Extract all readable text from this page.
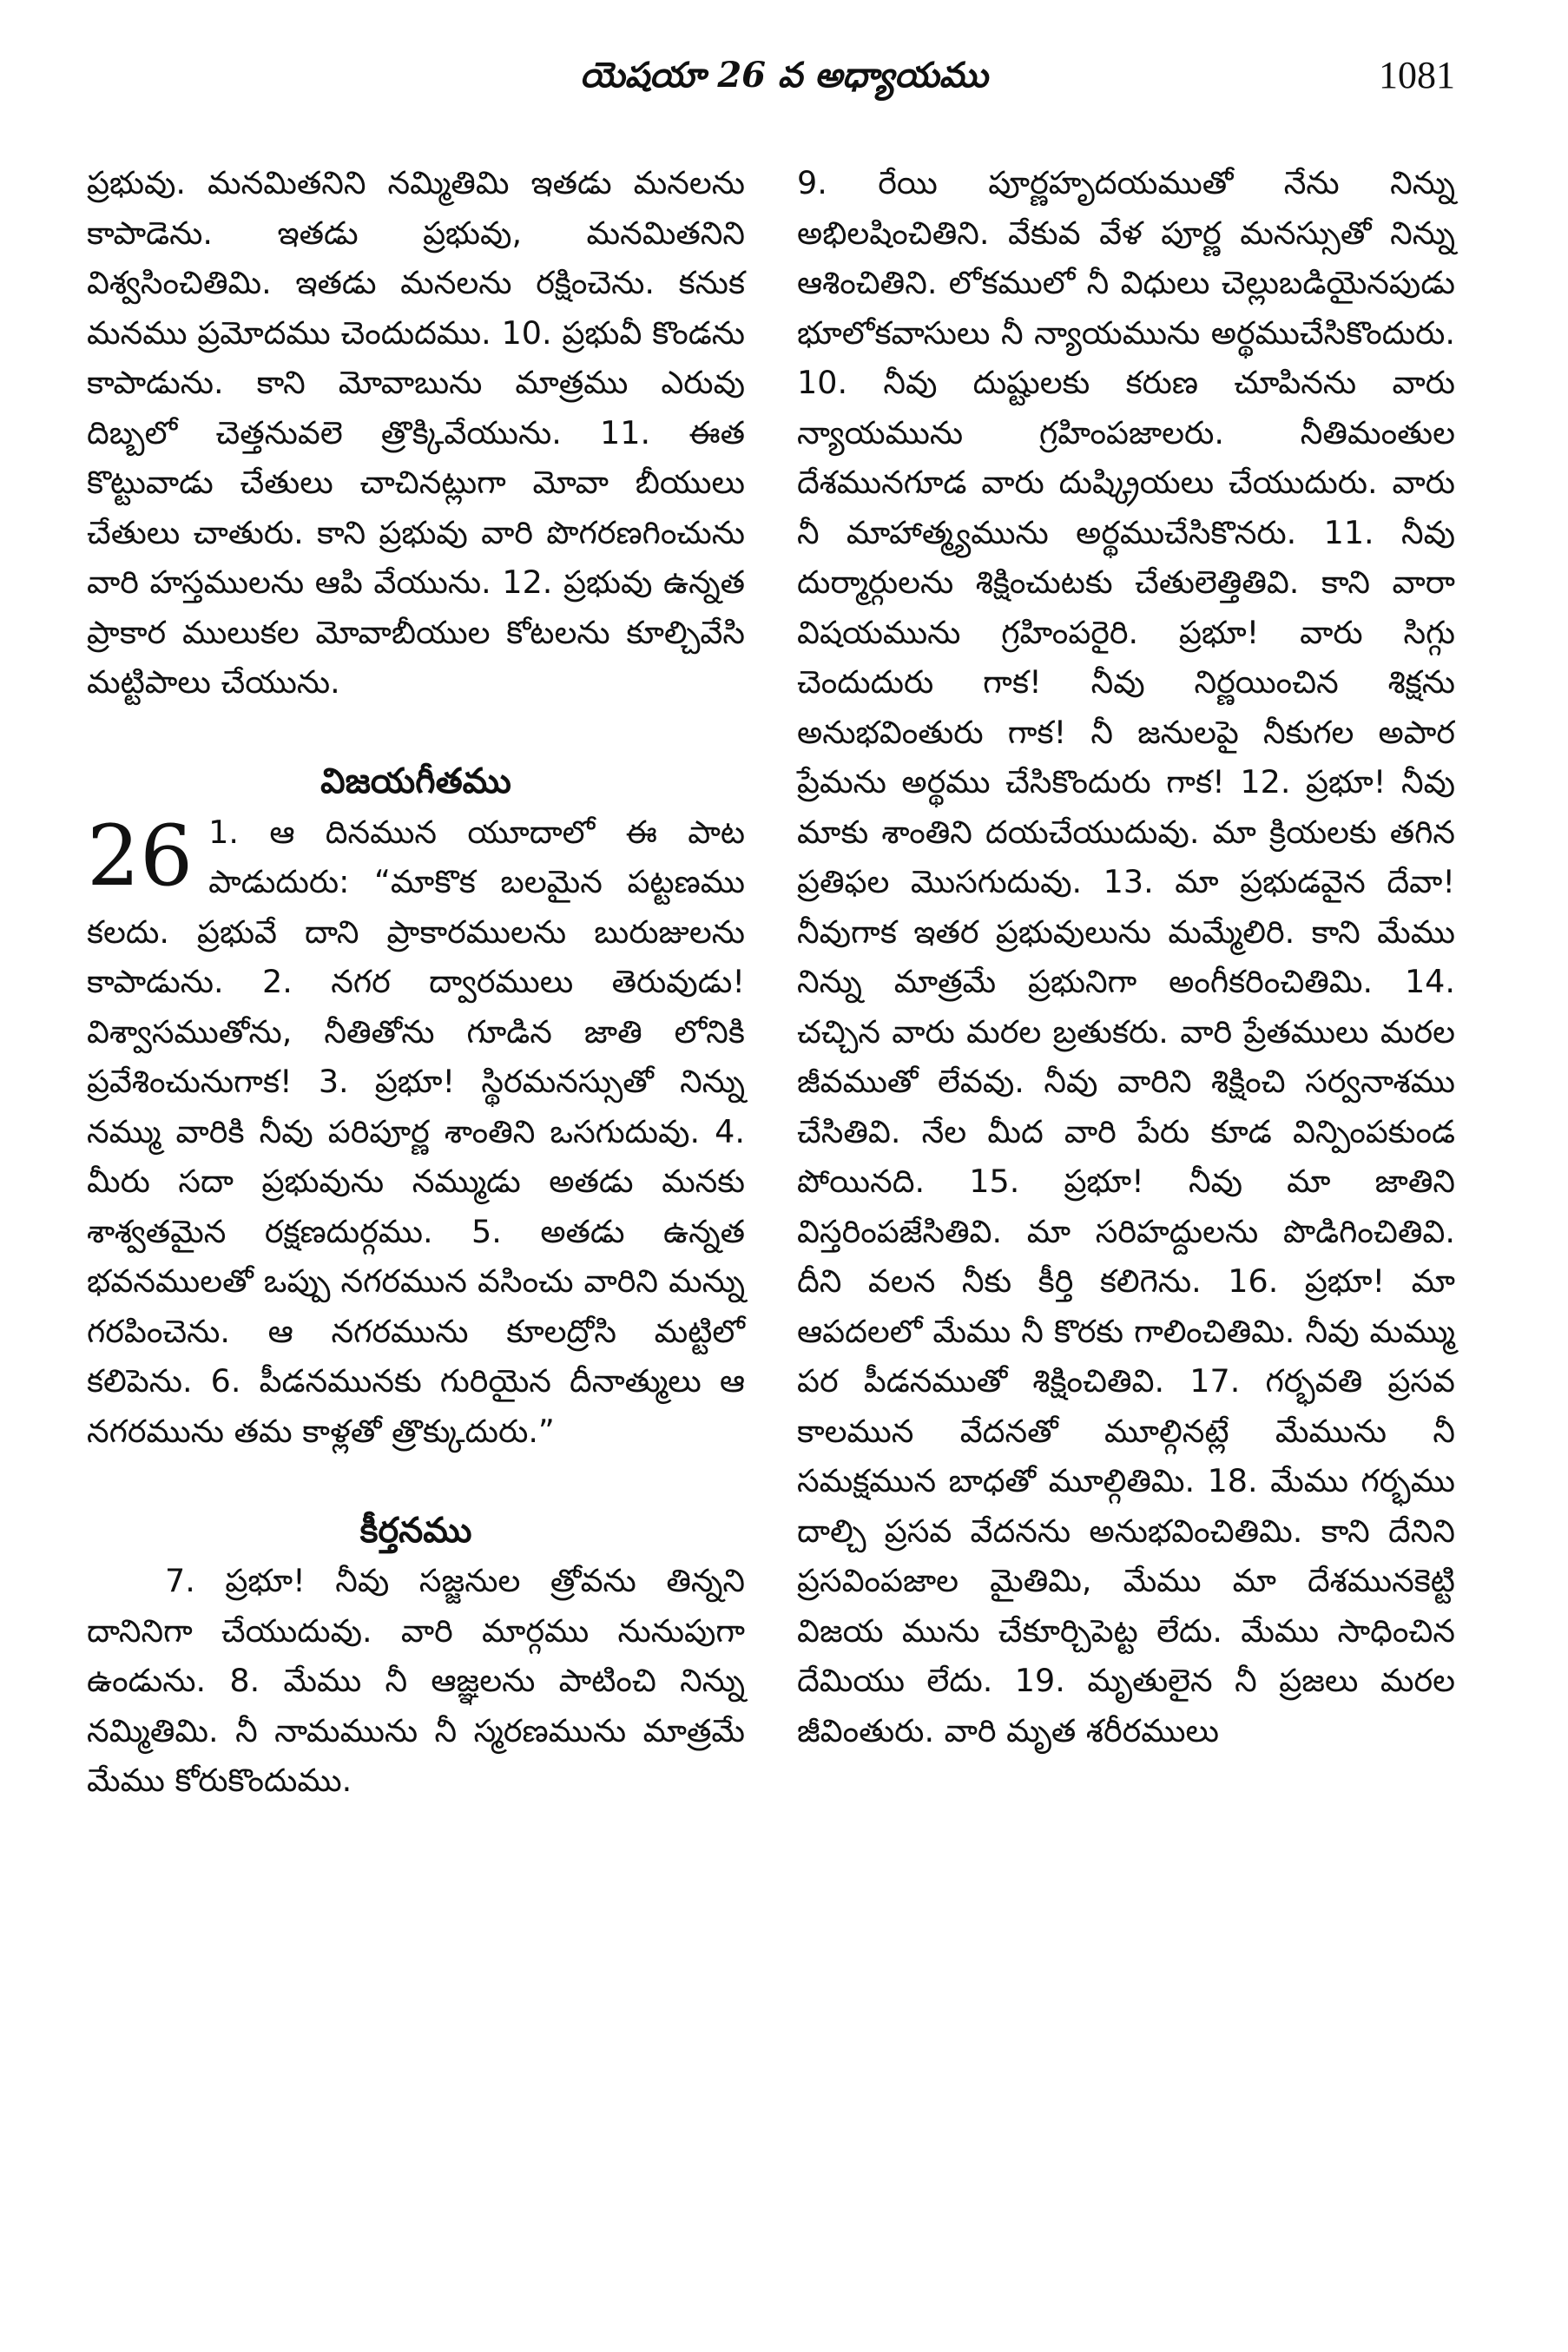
యెషయా 26 వ అధ్యాయము	1081

ప్రభువు. మనమితనిని నమ్మితిమి ఇతడు మనలను కాపాడెను. ఇతడు ప్రభువు, మనమితనిని విశ్వసించితిమి. ఇతడు మనలను రక్షించెను. కనుక మనము ప్రమోదము చెందుదము. 10. ప్రభువీ కొండను కాపాడును. కాని మోవాబును మాత్రము ఎరువు దిబ్బలో చెత్తనువలె త్రొక్కివేయును. 11. ఈత కొట్టువాడు చేతులు చాచినట్లుగా మోవా బీయులు చేతులు చాతురు. కాని ప్రభువు వారి పొగరణగించును వారి హస్తములను ఆపి వేయును. 12. ప్రభువు ఉన్నత ప్రాకార ములుకల మోవాబీయుల కోటలను కూల్చివేసి మట్టిపాలు చేయును.

విజయగీతము
26 1. ఆ దినమున యూదాలో ఈ పాట పాడుదురు: “మాకొక బలమైన పట్టణము కలదు. ప్రభువే దాని ప్రాకారములను బురుజులను కాపాడును. 2. నగర ద్వారములు తెరువుడు! విశ్వాసముతోను, నీతితోను గూడిన జాతి లోనికి ప్రవేశించునుగాక! 3. ప్రభూ! స్థిరమనస్సుతో నిన్ను నమ్ము వారికి నీవు పరిపూర్ణ శాంతిని ఒసగుదువు. 4. మీరు సదా ప్రభువును నమ్ముడు అతడు మనకు శాశ్వతమైన రక్షణదుర్గము. 5. అతడు ఉన్నత భవనములతో ఒప్పు నగరమున వసించు వారిని మన్ను గరపించెను. ఆ నగరమును కూలద్రోసి మట్టిలో కలిపెను. 6. పీడనమునకు గురియైన దీనాత్ములు ఆ నగరమును తమ కాళ్లతో త్రొక్కుదురు.”

కీర్తనము

7. ప్రభూ! నీవు సజ్జనుల త్రోవను తిన్నని దానినిగా చేయుదువు. వారి మార్గము నునుపుగా ఉండును. 8. మేము నీ ఆజ్ఞలను పాటించి నిన్ను నమ్మితిమి. నీ నామమును నీ స్మరణమును మాత్రమే మేము కోరుకొందుము.

9. రేయి పూర్ణహృదయముతో నేను నిన్ను అభిలషించితిని. వేకువ వేళ పూర్ణ మనస్సుతో నిన్ను ఆశించితిని. లోకములో నీ విధులు చెల్లుబడియైనపుడు భూలోకవాసులు నీ న్యాయమును అర్థముచేసికొందురు. 10. నీవు దుష్టులకు కరుణ చూపినను వారు న్యాయమును గ్రహింపజాలరు. నీతిమంతుల దేశమునగూడ వారు దుష్క్రియలు చేయుదురు. వారు నీ మాహాత్మ్యమును అర్థముచేసికొనరు. 11. నీవు దుర్మార్గులను శిక్షించుటకు చేతులెత్తితివి. కాని వారా విషయమును గ్రహింపరైరి. ప్రభూ! వారు సిగ్గు చెందుదురు గాక! నీవు నిర్ణయించిన శిక్షను అనుభవింతురు గాక! నీ జనులపై నీకుగల అపార ప్రేమను అర్థము చేసికొందురు గాక! 12. ప్రభూ! నీవు మాకు శాంతిని దయచేయుదువు. మా క్రియలకు తగిన ప్రతిఫల మొసగుదువు. 13. మా ప్రభుడవైన దేవా! నీవుగాక ఇతర ప్రభువులును మమ్మేలిరి. కాని మేము నిన్ను మాత్రమే ప్రభునిగా అంగీకరించితిమి. 14. చచ్చిన వారు మరల బ్రతుకరు. వారి ప్రేతములు మరల జీవముతో లేవవు. నీవు వారిని శిక్షించి సర్వనాశము చేసితివి. నేల మీద వారి పేరు కూడ విన్పింపకుండ పోయినది. 15. ప్రభూ! నీవు మా జాతిని విస్తరింపజేసితివి. మా సరిహద్దులను పొడిగించితివి. దీని వలన నీకు కీర్తి కలిగెను. 16. ప్రభూ! మా ఆపదలలో మేము నీ కొరకు గాలించితిమి. నీవు మమ్ము పర పీడనముతో శిక్షించితివి. 17. గర్భవతి ప్రసవ కాలమున వేదనతో మూల్గినట్లే మేమును నీ సమక్షమున బాధతో మూల్గితిమి. 18. మేము గర్భము దాల్చి ప్రసవ వేదనను అనుభవించితిమి. కాని దేనిని ప్రసవింపజాల మైతిమి, మేము మా దేశమునకెట్టి విజయ మును చేకూర్చిపెట్ట లేదు. మేము సాధించిన దేమియు లేదు. 19. మృతులైన నీ ప్రజలు మరల జీవింతురు. వారి మృత శరీరములు
